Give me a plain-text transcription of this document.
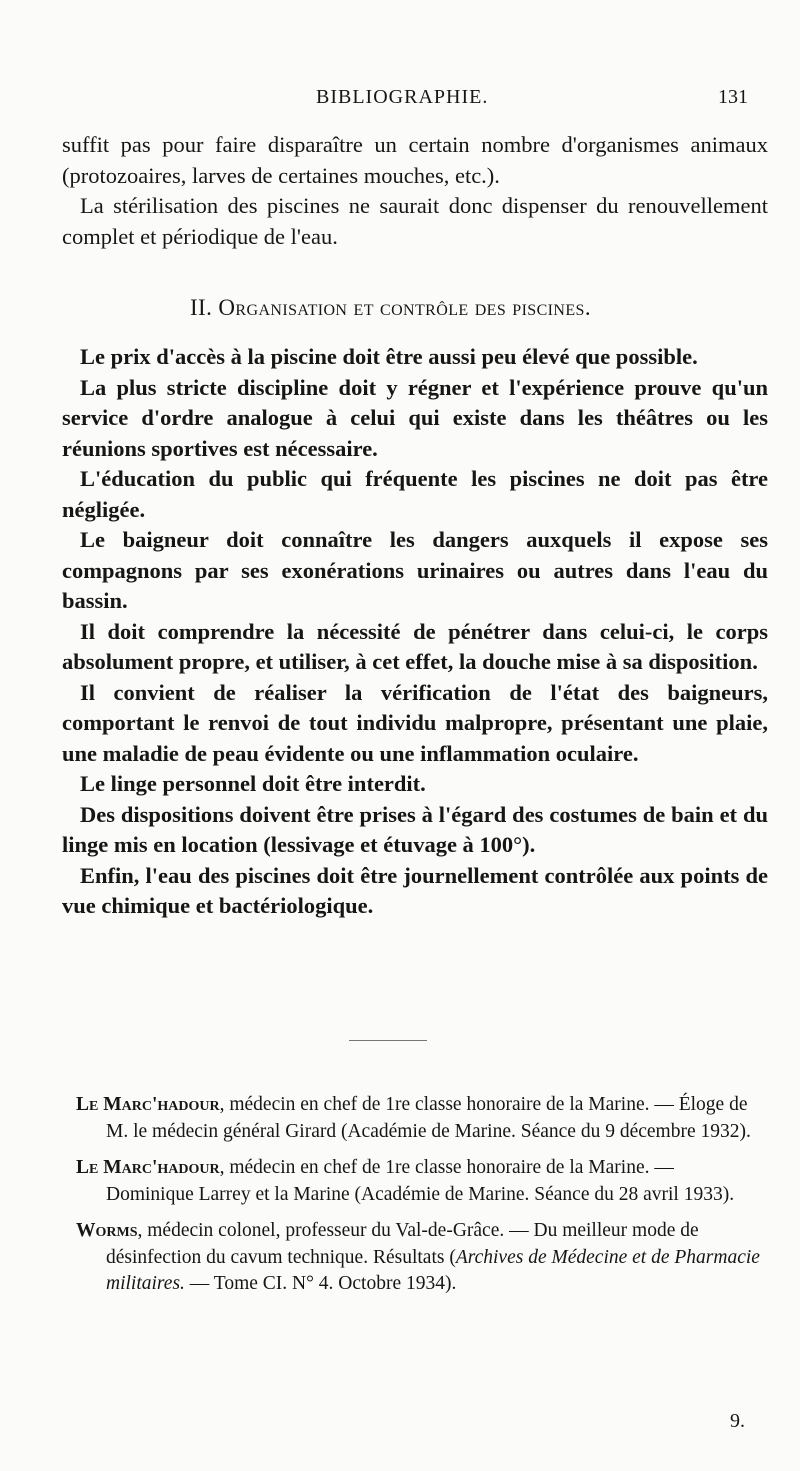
BIBLIOGRAPHIE.	131

suffit pas pour faire disparaître un certain nombre d'organismes animaux (protozoaires, larves de certaines mouches, etc.).

La stérilisation des piscines ne saurait donc dispenser du renouvellement complet et périodique de l'eau.

II. Organisation et contrôle des piscines.

Le prix d'accès à la piscine doit être aussi peu élevé que possible.

La plus stricte discipline doit y régner et l'expérience prouve qu'un service d'ordre analogue à celui qui existe dans les théâtres ou les réunions sportives est nécessaire.

L'éducation du public qui fréquente les piscines ne doit pas être négligée.

Le baigneur doit connaître les dangers auxquels il expose ses compagnons par ses exonérations urinaires ou autres dans l'eau du bassin.

Il doit comprendre la nécessité de pénétrer dans celui-ci, le corps absolument propre, et utiliser, à cet effet, la douche mise à sa disposition.

Il convient de réaliser la vérification de l'état des baigneurs, comportant le renvoi de tout individu malpropre, présentant une plaie, une maladie de peau évidente ou une inflammation oculaire.

Le linge personnel doit être interdit.

Des dispositions doivent être prises à l'égard des costumes de bain et du linge mis en location (lessivage et étuvage à 100°).

Enfin, l'eau des piscines doit être journellement contrôlée aux points de vue chimique et bactériologique.

Le Marc'hadour, médecin en chef de 1re classe honoraire de la Marine. — Éloge de M. le médecin général Girard (Académie de Marine. Séance du 9 décembre 1932).
Le Marc'hadour, médecin en chef de 1re classe honoraire de la Marine. — Dominique Larrey et la Marine (Académie de Marine. Séance du 28 avril 1933).
Worms, médecin colonel, professeur du Val-de-Grâce. — Du meilleur mode de désinfection du cavum technique. Résultats (Archives de Médecine et de Pharmacie militaires. — Tome CI. N° 4. Octobre 1934).
9.
